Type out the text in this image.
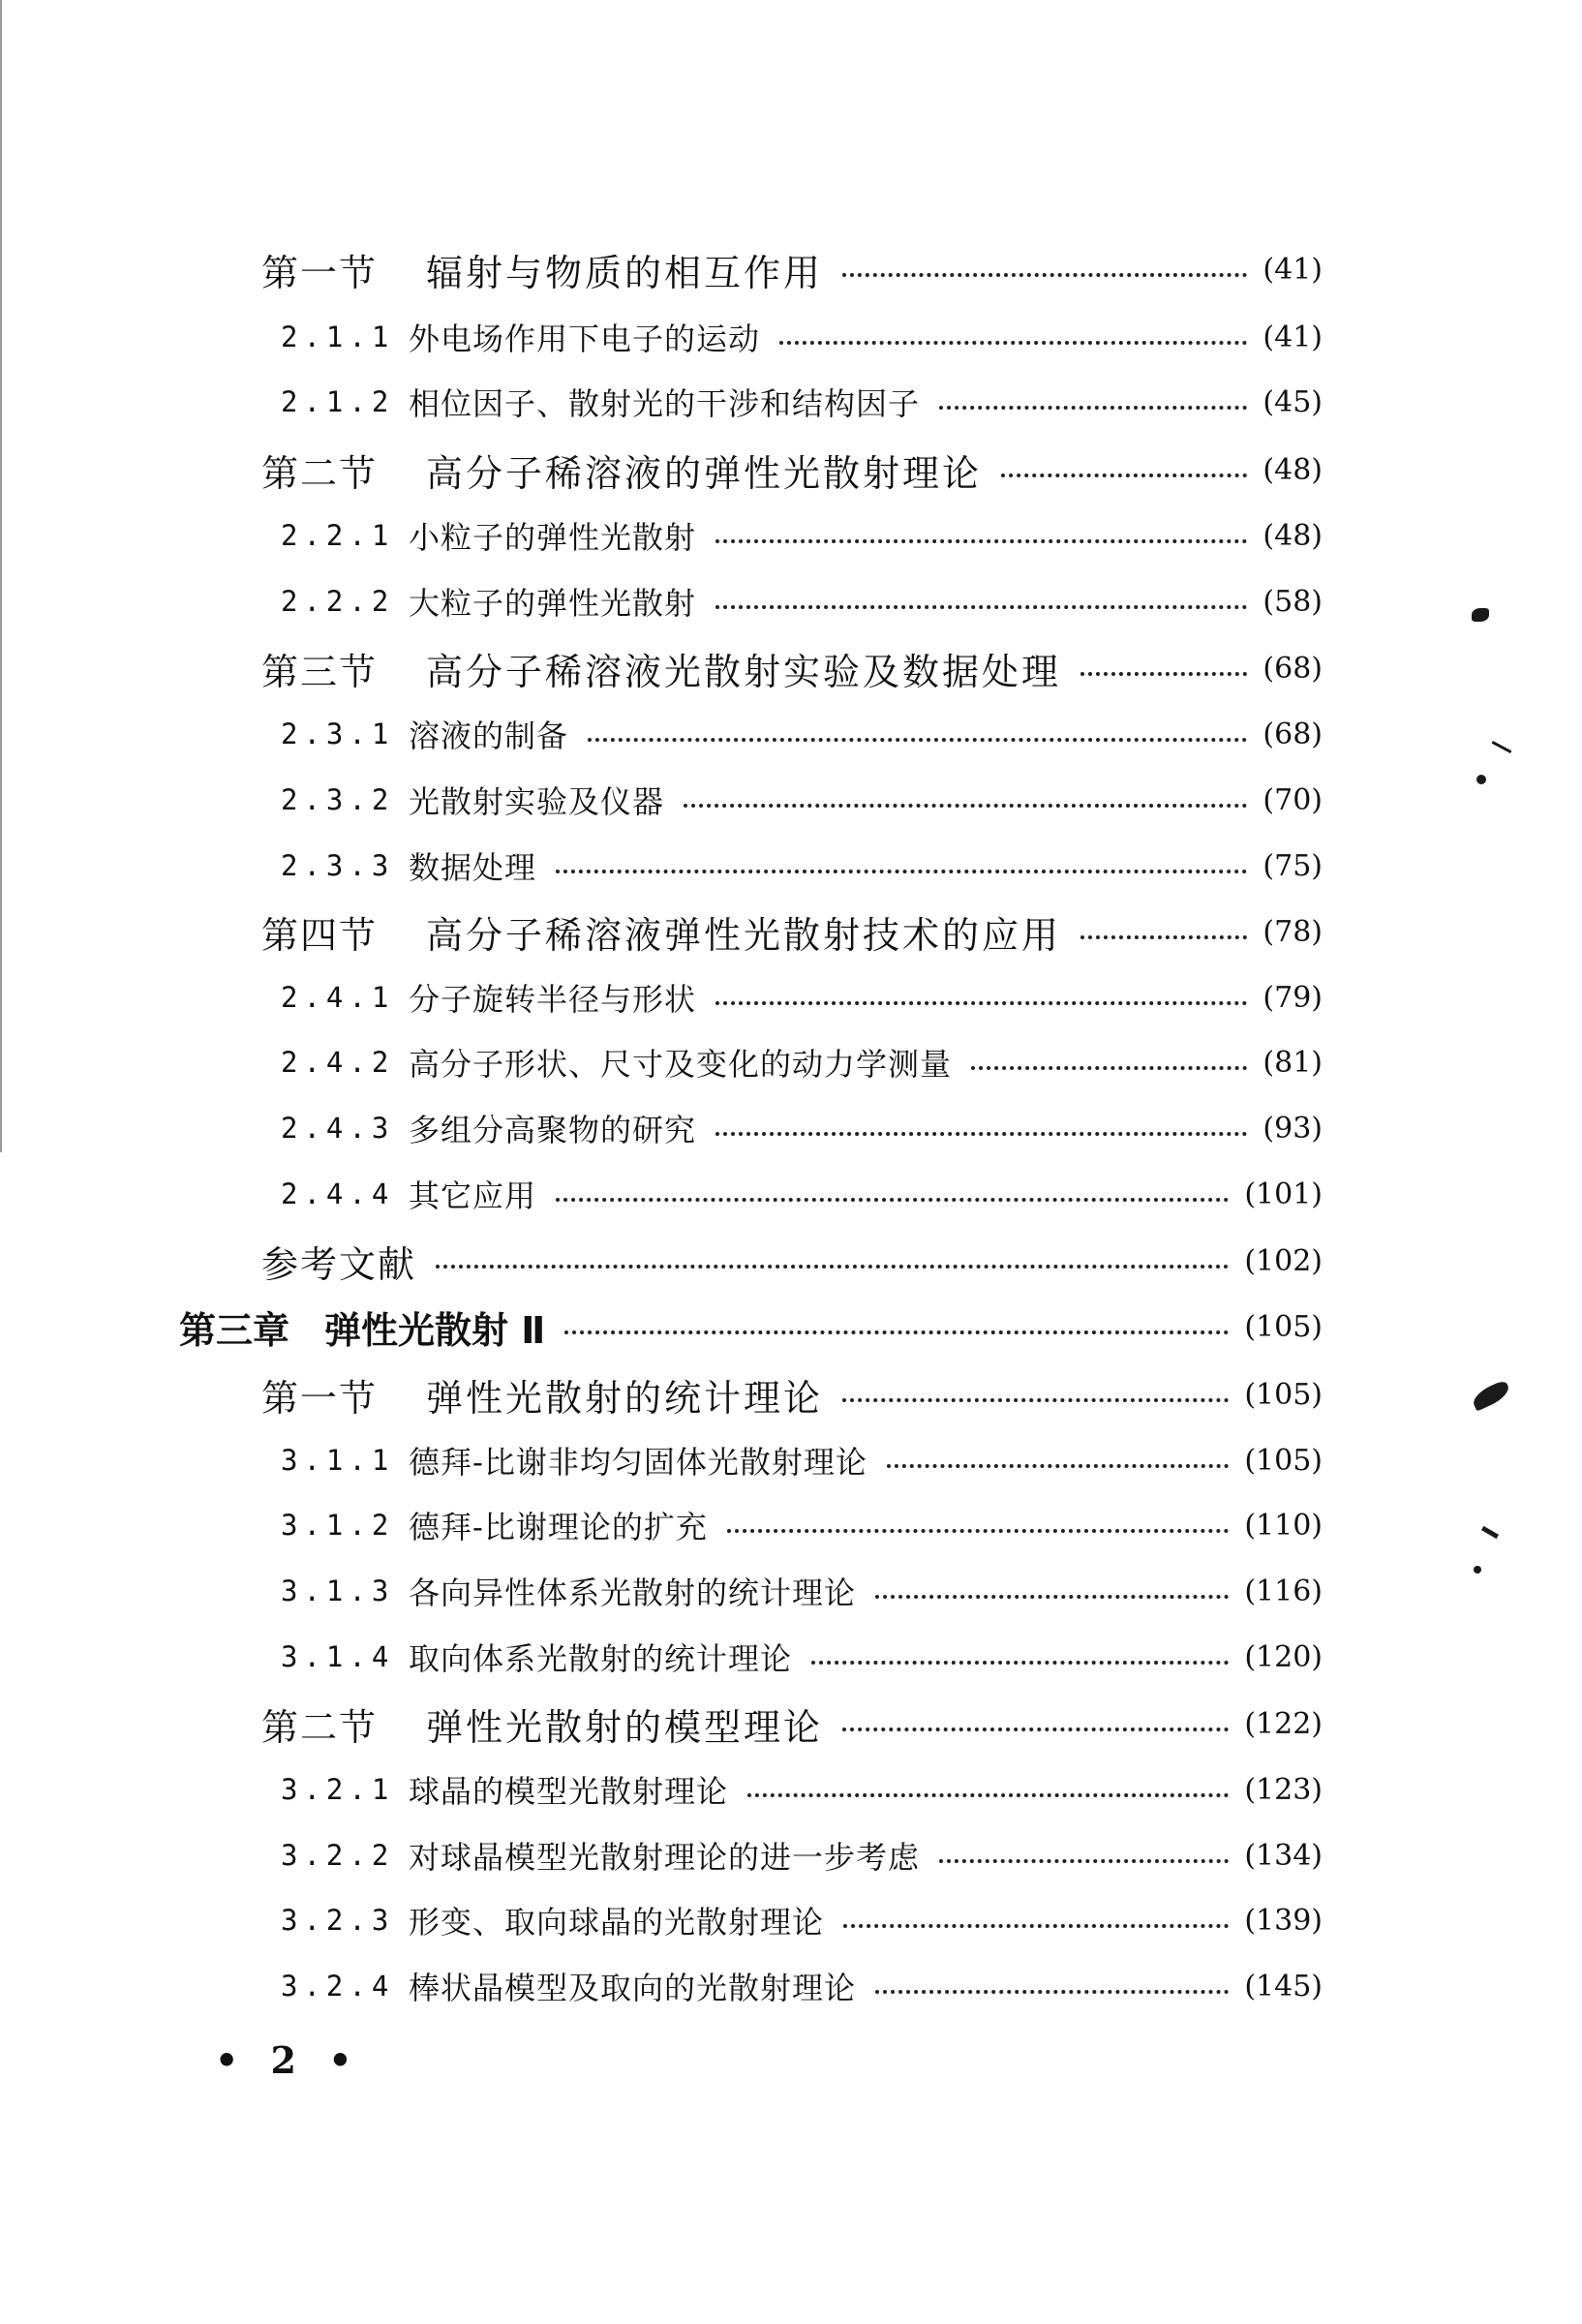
第一节	辐射与物质的相互作用	(41)
2.1.1 外电场作用下电子的运动	(41)
2.1.2 相位因子、散射光的干涉和结构因子	(45)
第二节	高分子稀溶液的弹性光散射理论	(48)
2.2.1 小粒子的弹性光散射	(48)
2.2.2 大粒子的弹性光散射	(58)
第三节	高分子稀溶液光散射实验及数据处理	(68)
2.3.1 溶液的制备	(68)
2.3.2 光散射实验及仪器	(70)
2.3.3 数据处理	(75)
第四节	高分子稀溶液弹性光散射技术的应用	(78)
2.4.1 分子旋转半径与形状	(79)
2.4.2 高分子形状、尺寸及变化的动力学测量	(81)
2.4.3 多组分高聚物的研究	(93)
2.4.4 其它应用	(101)
参考文献	(102)
第三章 弹性光散射 Ⅱ	(105)
第一节	弹性光散射的统计理论	(105)
3.1.1 德拜-比谢非均匀固体光散射理论	(105)
3.1.2 德拜-比谢理论的扩充	(110)
3.1.3 各向异性体系光散射的统计理论	(116)
3.1.4 取向体系光散射的统计理论	(120)
第二节	弹性光散射的模型理论	(122)
3.2.1 球晶的模型光散射理论	(123)
3.2.2 对球晶模型光散射理论的进一步考虑	(134)
3.2.3 形变、取向球晶的光散射理论	(139)
3.2.4 棒状晶模型及取向的光散射理论	(145)
• 2 •
